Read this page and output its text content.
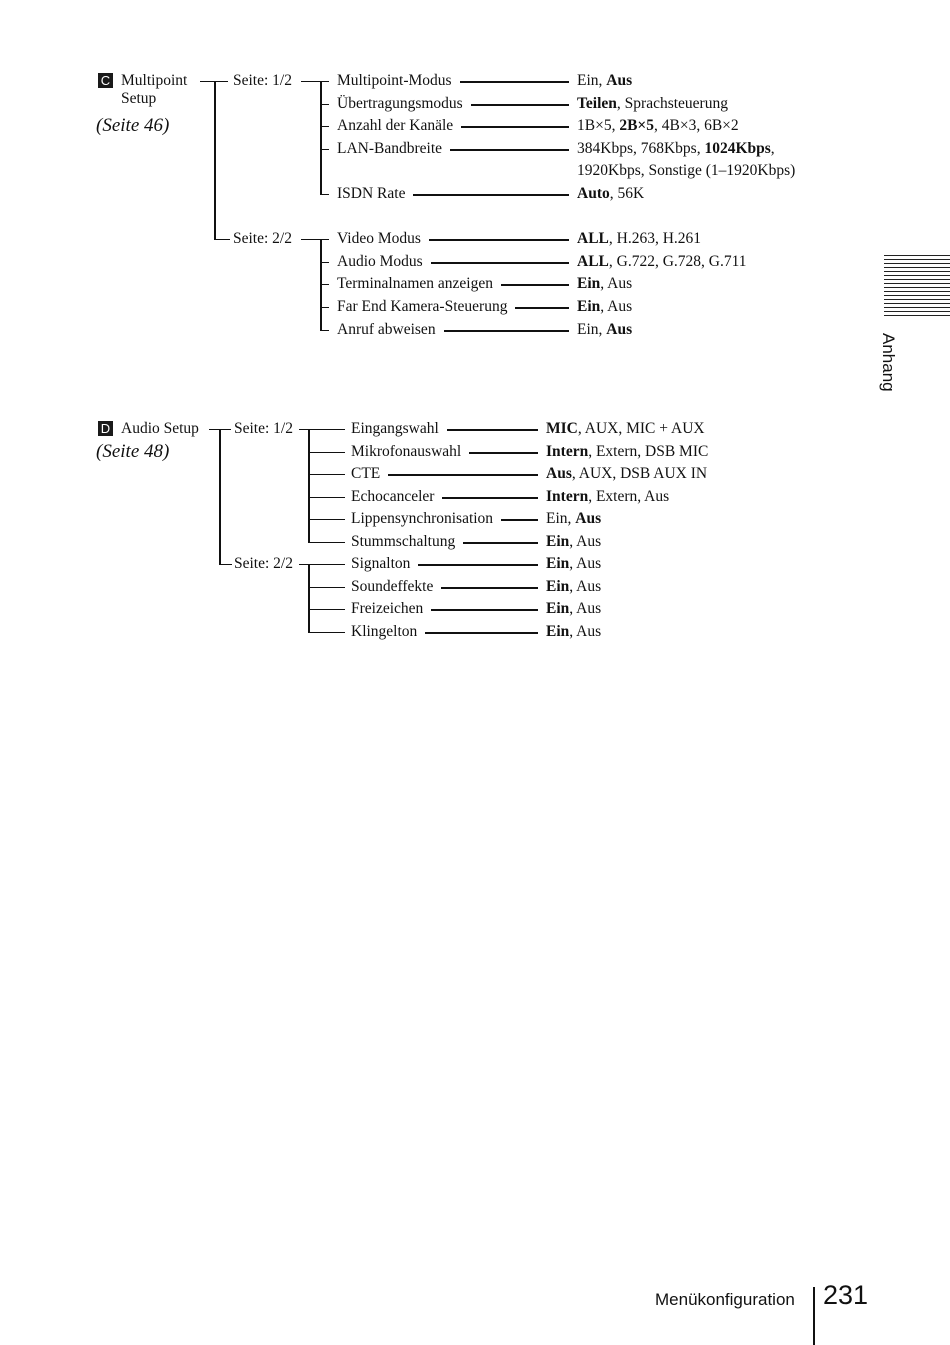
Anhang
C Multipoint
Setup
(Seite 46)
Seite: 1/2
Seite: 2/2
Multipoint-Modus	Ein, Aus
Übertragungsmodus	Teilen, Sprachsteuerung
Anzahl der Kanäle	1B×5, 2B×5, 4B×3, 6B×2
LAN-Bandbreite	384Kbps, 768Kbps, 1024Kbps,
1920Kbps, Sonstige (1–1920Kbps)
ISDN Rate	Auto, 56K
Video Modus	ALL, H.263, H.261
Audio Modus	ALL, G.722, G.728, G.711
Terminalnamen anzeigen	Ein, Aus
Far End Kamera-Steuerung	Ein, Aus
Anruf abweisen	Ein, Aus
D Audio Setup
(Seite 48)
Seite: 1/2
Seite: 2/2
Eingangswahl	MIC, AUX, MIC + AUX
Mikrofonauswahl	Intern, Extern, DSB MIC
CTE	Aus, AUX, DSB AUX IN
Echocanceler	Intern, Extern, Aus
Lippensynchronisation	Ein, Aus
Stummschaltung	Ein, Aus
Signalton	Ein, Aus
Soundeffekte	Ein, Aus
Freizeichen	Ein, Aus
Klingelton	Ein, Aus
Menükonfiguration 231
